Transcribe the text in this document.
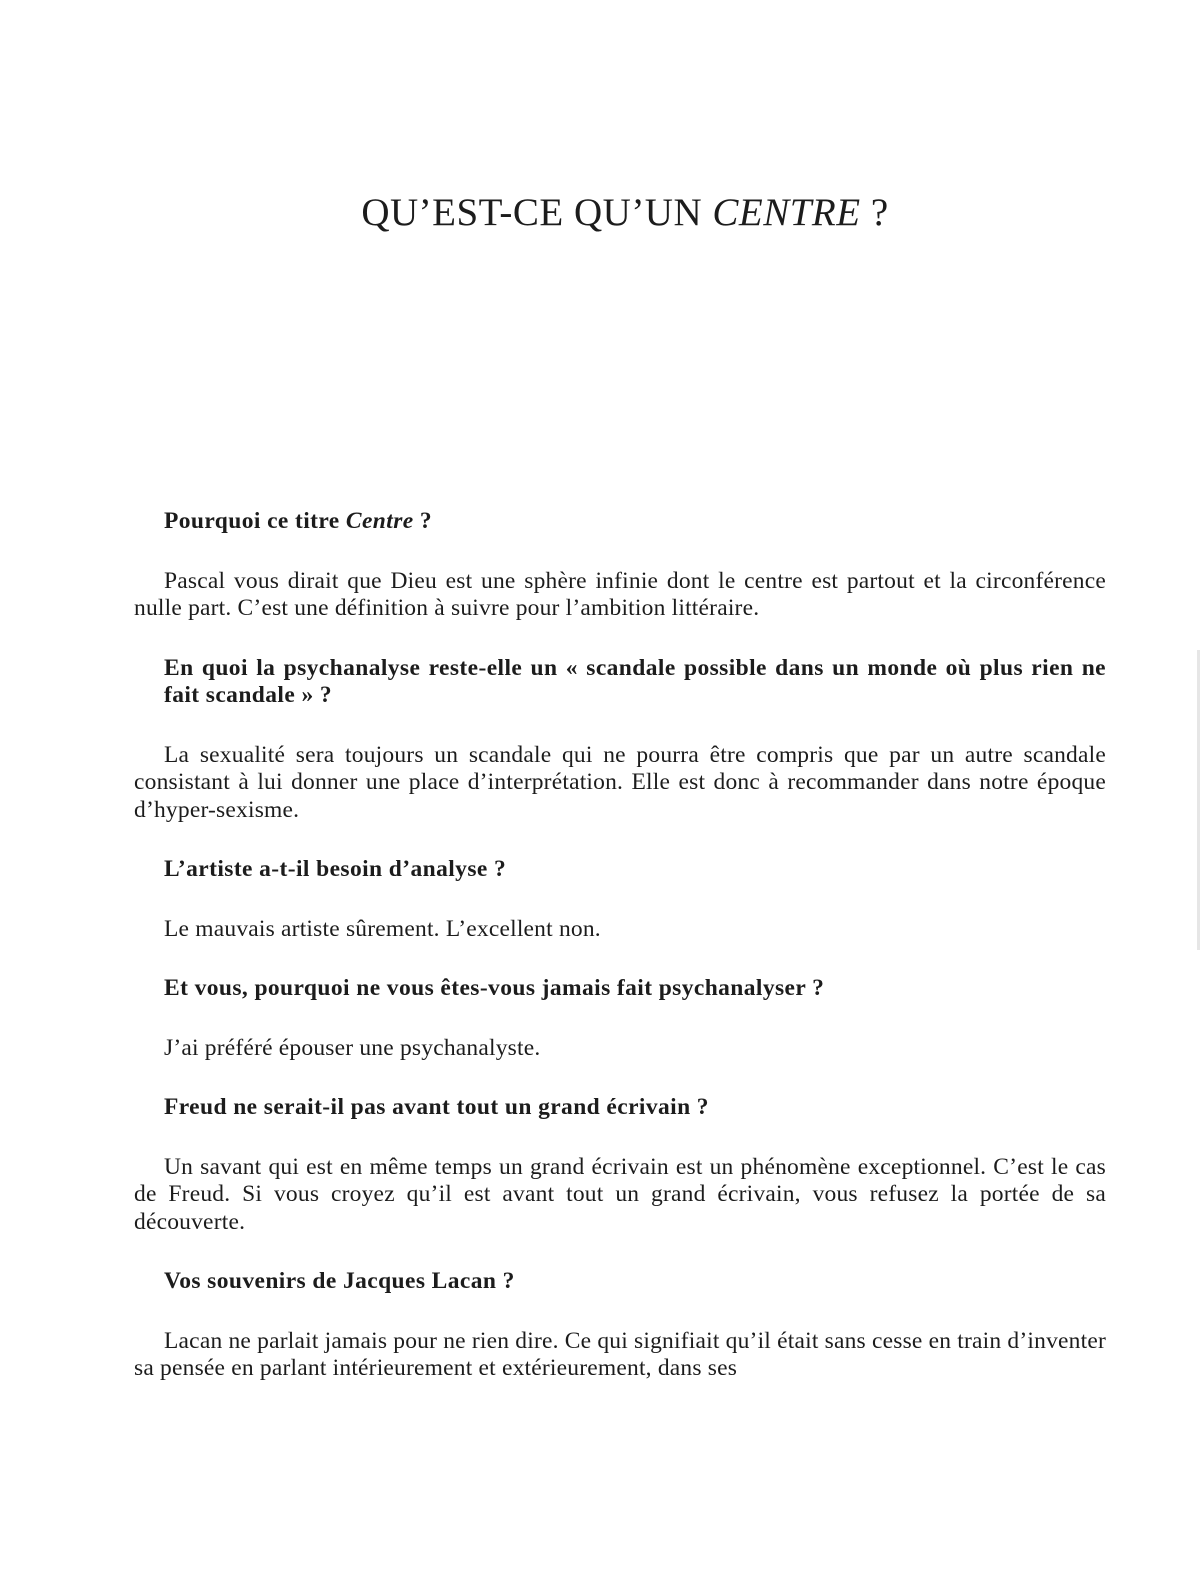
QU’EST-CE QU’UN CENTRE ?

Pourquoi ce titre Centre ?

Pascal vous dirait que Dieu est une sphère infinie dont le centre est partout et la circonférence nulle part. C’est une définition à suivre pour l’ambition littéraire.

En quoi la psychanalyse reste-elle un « scandale possible dans un monde où plus rien ne fait scandale » ?

La sexualité sera toujours un scandale qui ne pourra être compris que par un autre scandale consistant à lui donner une place d’interprétation. Elle est donc à recommander dans notre époque d’hyper-sexisme.

L’artiste a-t-il besoin d’analyse ?

Le mauvais artiste sûrement. L’excellent non.

Et vous, pourquoi ne vous êtes-vous jamais fait psychanalyser ?

J’ai préféré épouser une psychanalyste.

Freud ne serait-il pas avant tout un grand écrivain ?

Un savant qui est en même temps un grand écrivain est un phénomène exceptionnel. C’est le cas de Freud. Si vous croyez qu’il est avant tout un grand écrivain, vous refusez la portée de sa découverte.

Vos souvenirs de Jacques Lacan ?

Lacan ne parlait jamais pour ne rien dire. Ce qui signifiait qu’il était sans cesse en train d’inventer sa pensée en parlant intérieurement et extérieurement, dans ses
